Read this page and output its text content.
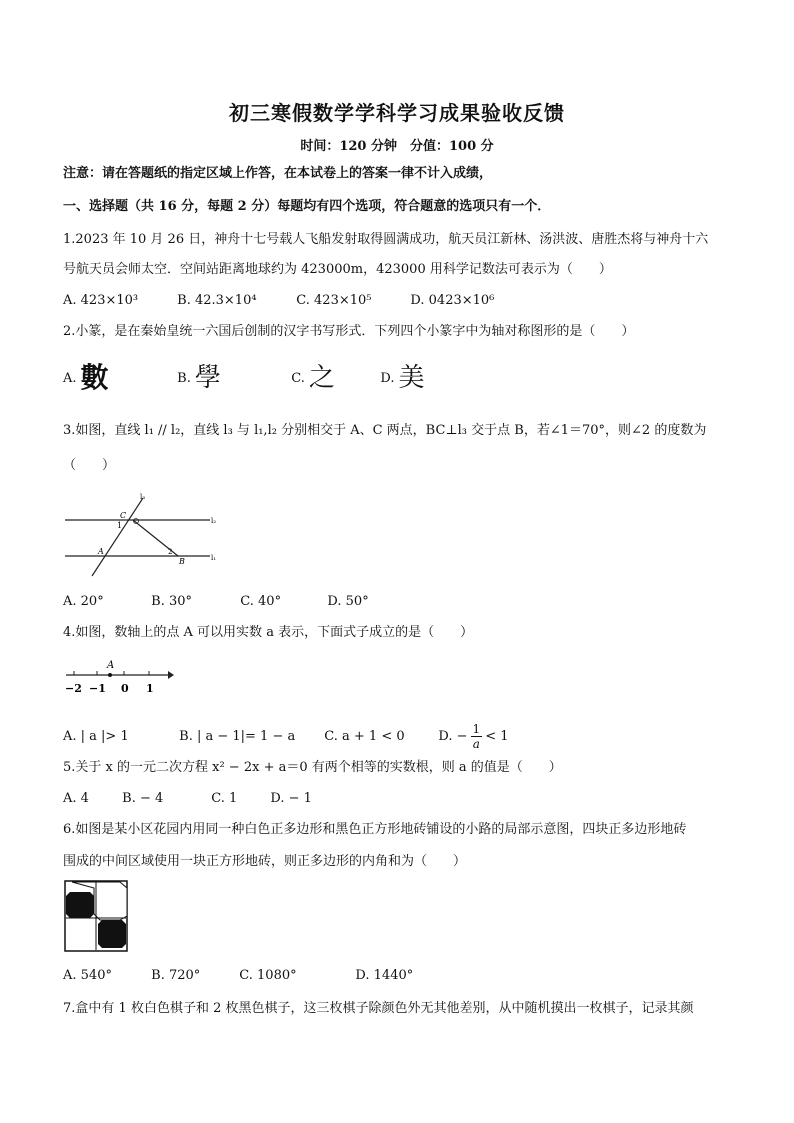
初三寒假数学学科学习成果验收反馈
时间：120 分钟　分值：100 分
注意：请在答题纸的指定区域上作答，在本试卷上的答案一律不计入成绩，
一、选择题（共 16 分，每题 2 分）每题均有四个选项，符合题意的选项只有一个．
1.2023 年 10 月 26 日，神舟十七号载人飞船发射取得圆满成功，航天员江新林、汤洪波、唐胜杰将与神舟十六
号航天员会师太空．空间站距离地球约为 423000m，423000 用科学记数法可表示为（　　）
A. 423×10³	B. 42.3×10⁴	C. 423×10⁵	D. 0423×10⁶
2.小篆，是在秦始皇统一六国后创制的汉字书写形式．下列四个小篆字中为轴对称图形的是（　　）
A. 數	B. 學	C. 之	D. 美
3.如图，直线 l₁ // l₂，直线 l₃ 与 l₁,l₂ 分别相交于 A、C 两点，BC⊥l₃ 交于点 B，若∠1＝70°，则∠2 的度数为
（　　）
C
1
A	2
B
l₂
l₁
l₃
A. 20°	B. 30°	C. 40°	D. 50°
4.如图，数轴上的点 A 可以用实数 a 表示，下面式子成立的是（　　）
A
−2 −1 0 1
A. | a |> 1	B. | a − 1|= 1 − a C. a + 1 < 0	D. − $\frac{1}{a} < 1$
5.关于 x 的一元二次方程 x² − 2x + a＝0 有两个相等的实数根，则 a 的值是（　　）
A. 4	B. − 4	C. 1	D. − 1
6.如图是某小区花园内用同一种白色正多边形和黑色正方形地砖铺设的小路的局部示意图，四块正多边形地砖
围成的中间区域使用一块正方形地砖，则正多边形的内角和为（　　）
A. 540°	B. 720°	C. 1080°	D. 1440°
7.盒中有 1 枚白色棋子和 2 枚黑色棋子，这三枚棋子除颜色外无其他差别，从中随机摸出一枚棋子，记录其颜
